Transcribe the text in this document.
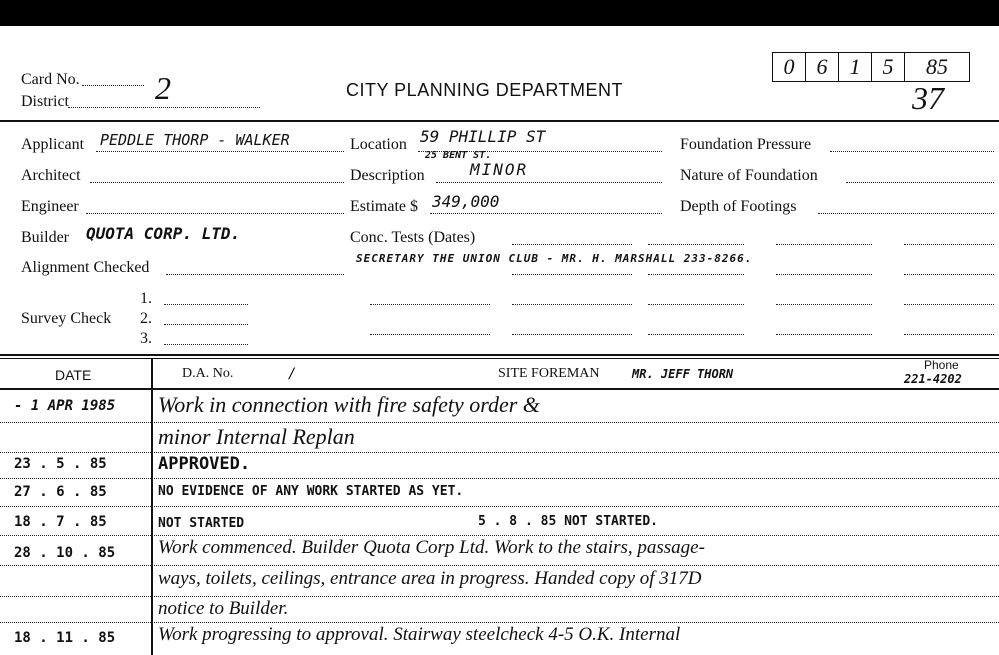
Card No. 2
District
CITY PLANNING DEPARTMENT
0	6	1	5	85
37
Applicant PEDDLE THORP - WALKER
Architect
Engineer
Builder QUOTA CORP. LTD.
Alignment Checked
1.
Survey Check 2.
3.
Location 59 PHILLIP ST
25 BENT ST.
Description	MINOR
Estimate $ 349,000
Conc. Tests (Dates)
SECRETARY THE UNION CLUB - MR. H. MARSHALL 233-8266.
Foundation Pressure
Nature of Foundation
Depth of Footings
DATE	D.A. No.	/	SITE FOREMAN	MR. JEFF THORN
Phone
221-4202
- 1 APR 1985 Work in connection with fire safety order &
minor Internal Replan
23 . 5 . 85	APPROVED.
27 . 6 . 85	NO EVIDENCE OF ANY WORK STARTED AS YET.
18 . 7 . 85	NOT STARTED	5 . 8 . 85 NOT STARTED.
28 . 10 . 85 Work commenced. Builder Quota Corp Ltd. Work to the stairs, passage-
ways, toilets, ceilings, entrance area in progress. Handed copy of 317D
notice to Builder.
18 . 11 . 85 Work progressing to approval. Stairway steelcheck 4-5 O.K. Internal
